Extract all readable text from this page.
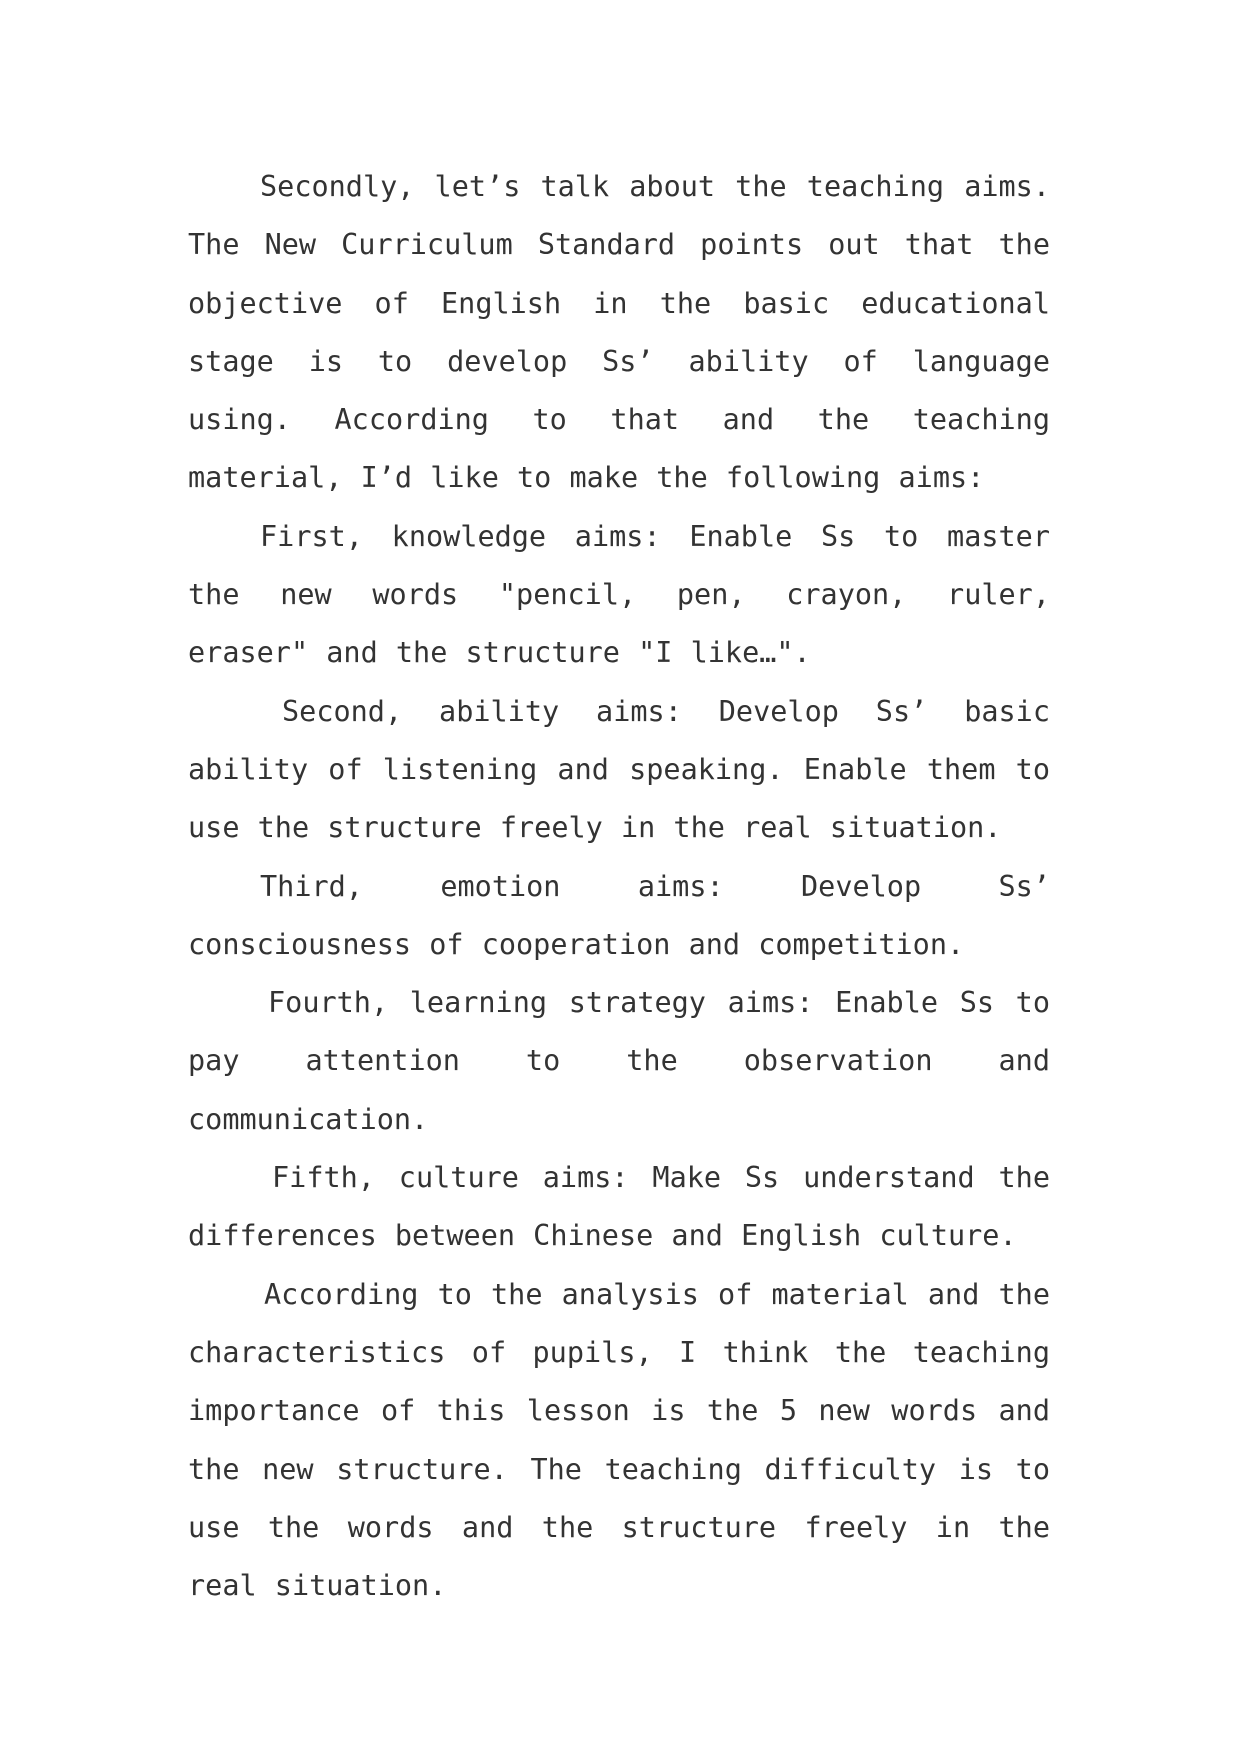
Secondly, let’s talk about the teaching aims. The New Curriculum Standard points out that the objective of English in the basic educational stage is to develop Ss’ ability of language using. According to that and the teaching material, I’d like to make the following aims:

First, knowledge aims: Enable Ss to master the new words "pencil, pen, crayon, ruler, eraser" and the structure "I like…".

Second, ability aims: Develop Ss’ basic ability of listening and speaking. Enable them to use the structure freely in the real situation.

Third, emotion aims: Develop Ss’ consciousness of cooperation and competition.

Fourth, learning strategy aims: Enable Ss to pay attention to the observation and communication.

Fifth, culture aims: Make Ss understand the differences between Chinese and English culture.

According to the analysis of material and the characteristics of pupils, I think the teaching importance of this lesson is the 5 new words and the new structure. The teaching difficulty is to use the words and the structure freely in the real situation.
